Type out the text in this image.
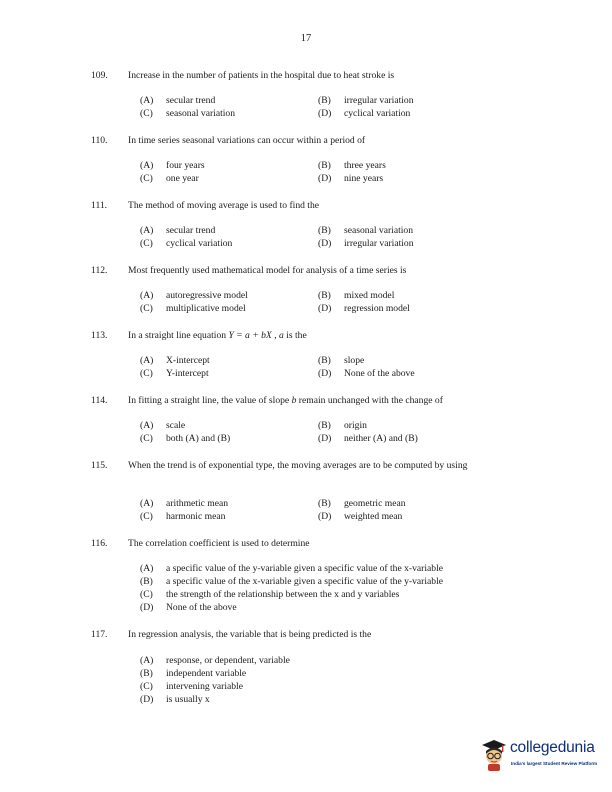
17
109. Increase in the number of patients in the hospital due to heat stroke is
(A) secular trend	(B) irregular variation
(C) seasonal variation	(D) cyclical variation
110. In time series seasonal variations can occur within a period of
(A) four years	(B) three years
(C) one year	(D) nine years
111. The method of moving average is used to find the
(A) secular trend	(B) seasonal variation
(C) cyclical variation	(D) irregular variation
112. Most frequently used mathematical model for analysis of a time series is
(A) autoregressive model	(B) mixed model
(C) multiplicative model	(D) regression model
113. In a straight line equation Y = a + bX , a is the
(A) X-intercept	(B) slope
(C) Y-intercept	(D) None of the above
114. In fitting a straight line, the value of slope b remain unchanged with the change of
(A) scale	(B) origin
(C) both (A) and (B)	(D) neither (A) and (B)
115. When the trend is of exponential type, the moving averages are to be computed by using
(A) arithmetic mean	(B) geometric mean
(C) harmonic mean	(D) weighted mean
116. The correlation coefficient is used to determine
(A) a specific value of the y-variable given a specific value of the x-variable
(B) a specific value of the x-variable given a specific value of the y-variable
(C) the strength of the relationship between the x and y variables
(D) None of the above
117. In regression analysis, the variable that is being predicted is the
(A) response, or dependent, variable
(B) independent variable
(C) intervening variable
(D) is usually x
collegedunia
India's largest Student Review Platform
